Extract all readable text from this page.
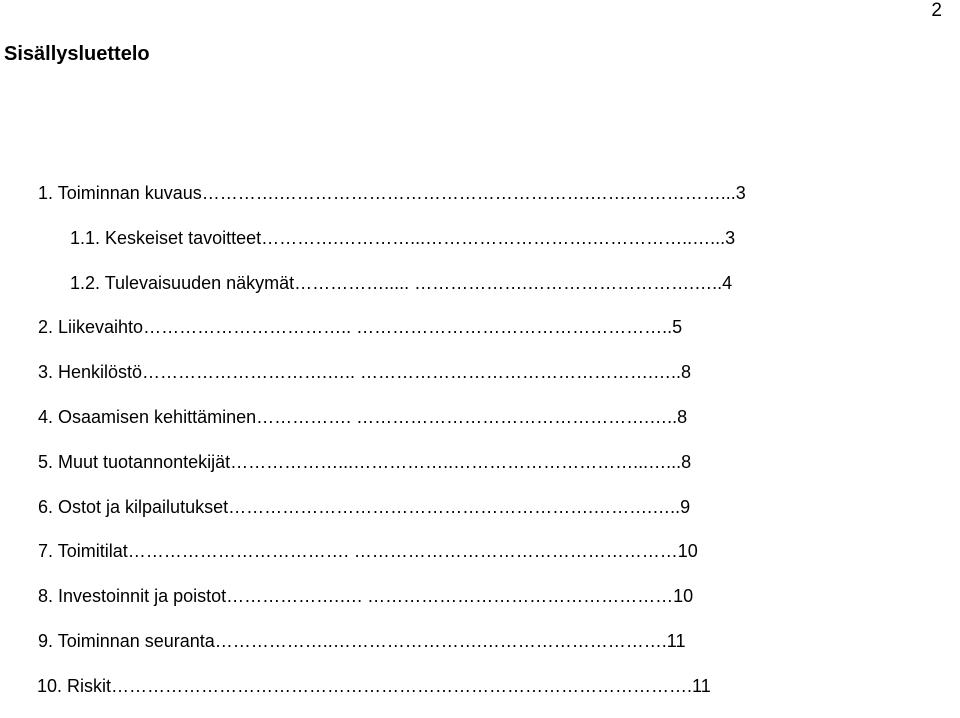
2
Sisällysluettelo
1. Toiminnan kuvaus………….…………………………………………….…….……………...3
1.1. Keskeiset tavoitteet………….…………...……………………….……………..…...3
1.2. Tulevaisuuden näkymät……………..... ……………….……………………….…..4
2. Liikevaihto…………………………….. ……………………………………………..5
3. Henkilöstö………………………….….. ………………………………………….…..8
4. Osaamisen kehittäminen……………. ………………………………………….…..8
5. Muut tuotannontekijät………………...……………..…………………………...…...8
6. Ostot ja kilpailutukset…………………………………………………….……….…..9
7. Toimitilat………………………………. ………………………………………………10
8. Investoinnit ja poistot……………….…. ……………………………………………10
9. Toiminnan seuranta………………..…………………….………………………….11
10. Riskit…………………………………………………………………………………….11
